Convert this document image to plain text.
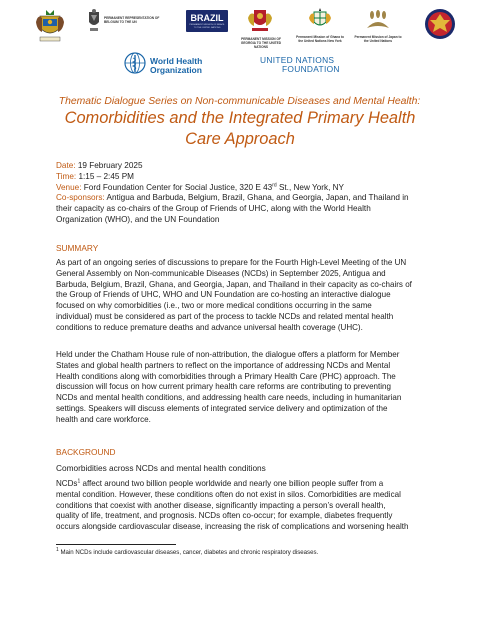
PERMANENT REPRESENTATION OF BELGIUM TO THE UN	BRAZIL
PERMANENT MISSION OF BRAZIL TO THE UNITED NATIONS
PERMANENT MISSION OF GEORGIA TO THE UNITED NATIONS
Permanent Mission of Ghana to the United Nations New York
Permanent Mission of Japan to the United Nations
World Health
Organization
UNITED NATIONS
FOUNDATION
Thematic Dialogue Series on Non-communicable Diseases and Mental Health:
Comorbidities and the Integrated Primary Health
Care Approach
Date: 19 February 2025
Time: 1:15 – 2:45 PM
Venue: Ford Foundation Center for Social Justice, 320 E 43rd St., New York, NY
Co-sponsors: Antigua and Barbuda, Belgium, Brazil, Ghana, and Georgia, Japan, and Thailand in
their capacity as co-chairs of the Group of Friends of UHC, along with the World Health
Organization (WHO), and the UN Foundation
SUMMARY
As part of an ongoing series of discussions to prepare for the Fourth High-Level Meeting of the UN
General Assembly on Non-communicable Diseases (NCDs) in September 2025, Antigua and
Barbuda, Belgium, Brazil, Ghana, and Georgia, Japan, and Thailand in their capacity as co-chairs of
the Group of Friends of UHC, WHO and UN Foundation are co-hosting an interactive dialogue
focused on why comorbidities (i.e., two or more medical conditions occurring in the same
individual) must be considered as part of the process to tackle NCDs and related mental health
conditions to reduce premature deaths and advance universal health coverage (UHC).
Held under the Chatham House rule of non-attribution, the dialogue offers a platform for Member
States and global health partners to reflect on the importance of addressing NCDs and Mental
Health conditions along with comorbidities through a Primary Health Care (PHC) approach. The
discussion will focus on how current primary health care reforms are contributing to preventing
NCDs and mental health conditions, and addressing health care needs, including in humanitarian
settings. Speakers will discuss elements of integrated service delivery and optimization of the
health and care workforce.
BACKGROUND
Comorbidities across NCDs and mental health conditions
NCDs$^1$ affect around two billion people worldwide and nearly one billion people suffer from a
mental condition. However, these conditions often do not exist in silos. Comorbidities are medical
conditions that coexist with another disease, significantly impacting a person’s overall health,
quality of life, treatment, and prognosis. NCDs often co-occur; for example, diabetes frequently
occurs alongside cardiovascular disease, increasing the risk of complications and worsening health
$^1$ Main NCDs include cardiovascular diseases, cancer, diabetes and chronic respiratory diseases.
